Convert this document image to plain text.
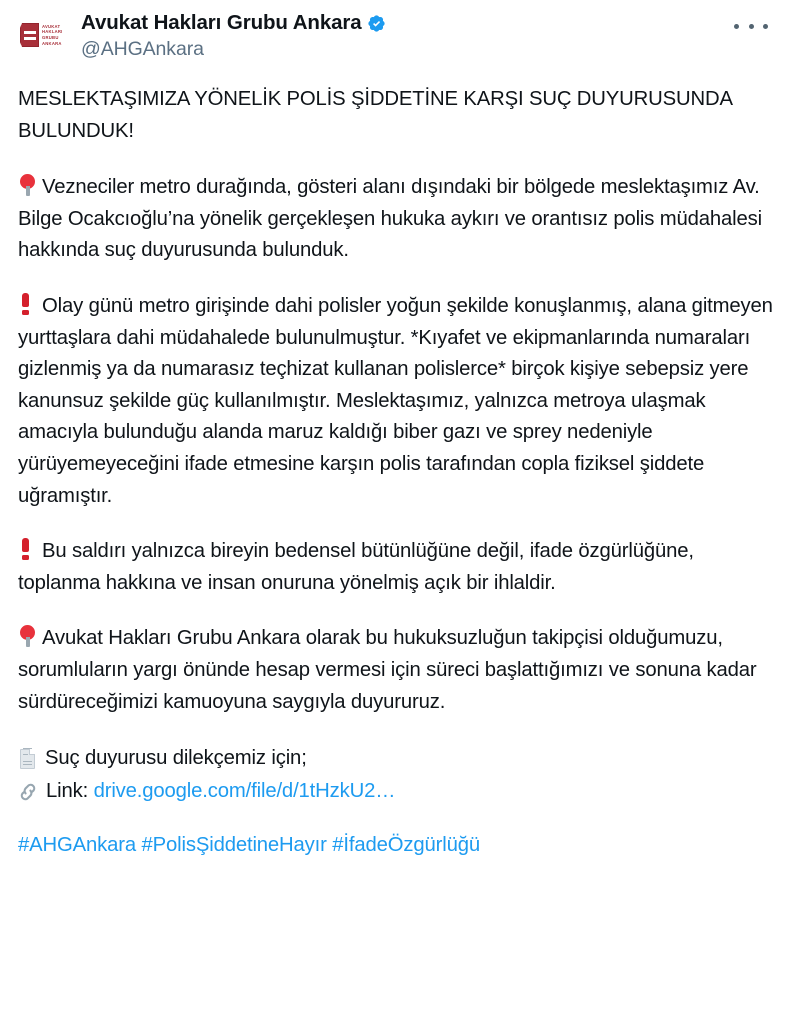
AVUKAT
HAKLARI
GRUBU
ANKARA
Avukat Hakları Grubu Ankara
@AHGAnkara
MESLEKTAŞIMIZA YÖNELİK POLİS ŞİDDETİNE KARŞI SUÇ DUYURUSUNDA BULUNDUK!
Vezneciler metro durağında, gösteri alanı dışındaki bir bölgede meslektaşımız Av. Bilge Ocakcıoğlu’na yönelik gerçekleşen hukuka aykırı ve orantısız polis müdahalesi hakkında suç duyurusunda bulunduk.
Olay günü metro girişinde dahi polisler yoğun şekilde konuşlanmış, alana gitmeyen yurttaşlara dahi müdahalede bulunulmuştur. *Kıyafet ve ekipmanlarında numaraları gizlenmiş ya da numarasız teçhizat kullanan polislerce* birçok kişiye sebepsiz yere kanunsuz şekilde güç kullanılmıştır. Meslektaşımız, yalnızca metroya ulaşmak amacıyla bulunduğu alanda maruz kaldığı biber gazı ve sprey nedeniyle yürüyemeyeceğini ifade etmesine karşın polis tarafından copla fiziksel şiddete uğramıştır.
Bu saldırı yalnızca bireyin bedensel bütünlüğüne değil, ifade özgürlüğüne, toplanma hakkına ve insan onuruna yönelmiş açık bir ihlaldir.
Avukat Hakları Grubu Ankara olarak bu hukuksuzluğun takipçisi olduğumuzu, sorumluların yargı önünde hesap vermesi için süreci başlattığımızı ve sonuna kadar sürdüreceğimizi kamuoyuna saygıyla duyururuz.
Suç duyurusu dilekçemiz için;
Link:
drive.google.com/file/d/1tHzkU2…
#AHGAnkara #PolisŞiddetineHayır #İfadeÖzgürlüğü
